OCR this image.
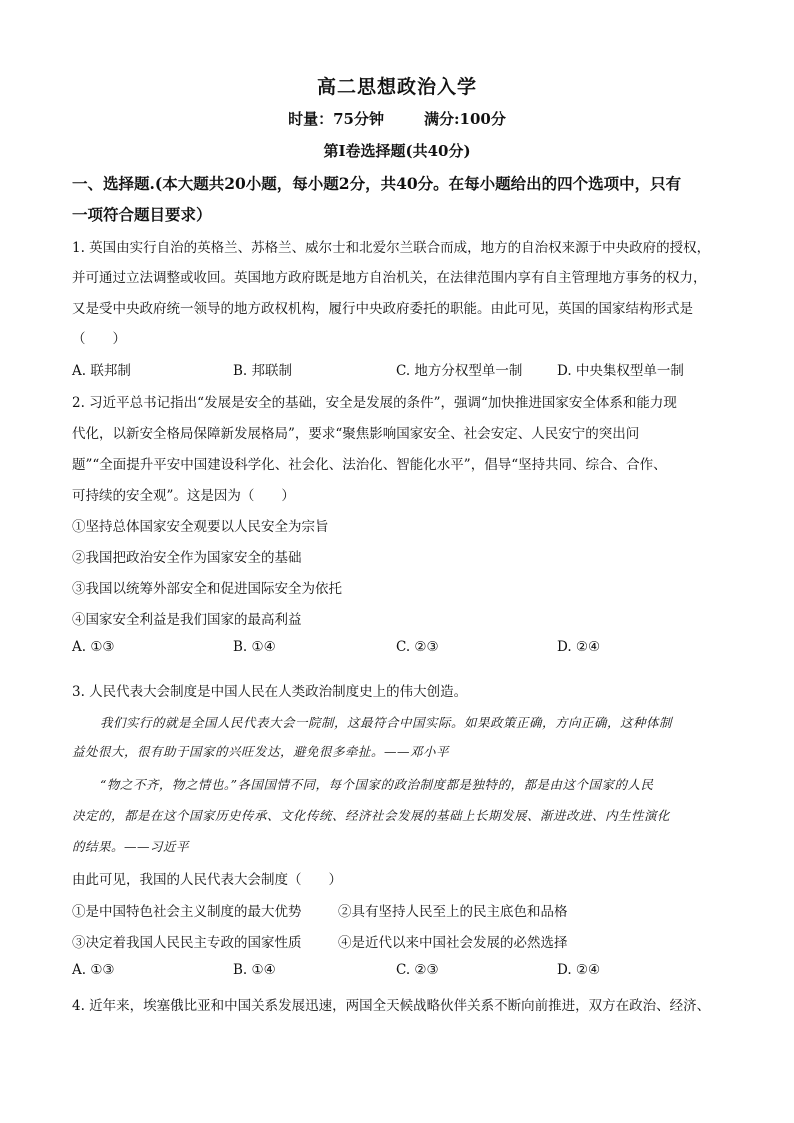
高二思想政治入学
时量：75分钟	满分:100分
第Ⅰ卷选择题(共40分)
一、选择题.(本大题共20小题，每小题2分，共40分。在每小题给出的四个选项中，只有
一项符合题目要求）
1. 英国由实行自治的英格兰、苏格兰、威尔士和北爱尔兰联合而成，地方的自治权来源于中央政府的授权，
并可通过立法调整或收回。英国地方政府既是地方自治机关，在法律范围内享有自主管理地方事务的权力，
又是受中央政府统一领导的地方政权机构，履行中央政府委托的职能。由此可见，英国的国家结构形式是
（　　）
A. 联邦制	B. 邦联制	C. 地方分权型单一制	D. 中央集权型单一制
2. 习近平总书记指出“发展是安全的基础，安全是发展的条件”，强调“加快推进国家安全体系和能力现
代化，以新安全格局保障新发展格局”，要求“聚焦影响国家安全、社会安定、人民安宁的突出问
题”“全面提升平安中国建设科学化、社会化、法治化、智能化水平”，倡导“坚持共同、综合、合作、
可持续的安全观”。这是因为（　　）
①坚持总体国家安全观要以人民安全为宗旨
②我国把政治安全作为国家安全的基础
③我国以统筹外部安全和促进国际安全为依托
④国家安全利益是我们国家的最高利益
A. ①③	B. ①④	C. ②③	D. ②④
3. 人民代表大会制度是中国人民在人类政治制度史上的伟大创造。
我们实行的就是全国人民代表大会一院制，这最符合中国实际。如果政策正确，方向正确，这种体制
益处很大，很有助于国家的兴旺发达，避免很多牵扯。——邓小平
“物之不齐，物之情也。”各国国情不同，每个国家的政治制度都是独特的，都是由这个国家的人民
决定的，都是在这个国家历史传承、文化传统、经济社会发展的基础上长期发展、渐进改进、内生性演化
的结果。——习近平
由此可见，我国的人民代表大会制度（　　）
①是中国特色社会主义制度的最大优势	②具有坚持人民至上的民主底色和品格
③决定着我国人民民主专政的国家性质	④是近代以来中国社会发展的必然选择
A. ①③	B. ①④	C. ②③	D. ②④
4. 近年来，埃塞俄比亚和中国关系发展迅速，两国全天候战略伙伴关系不断向前推进，双方在政治、经济、
